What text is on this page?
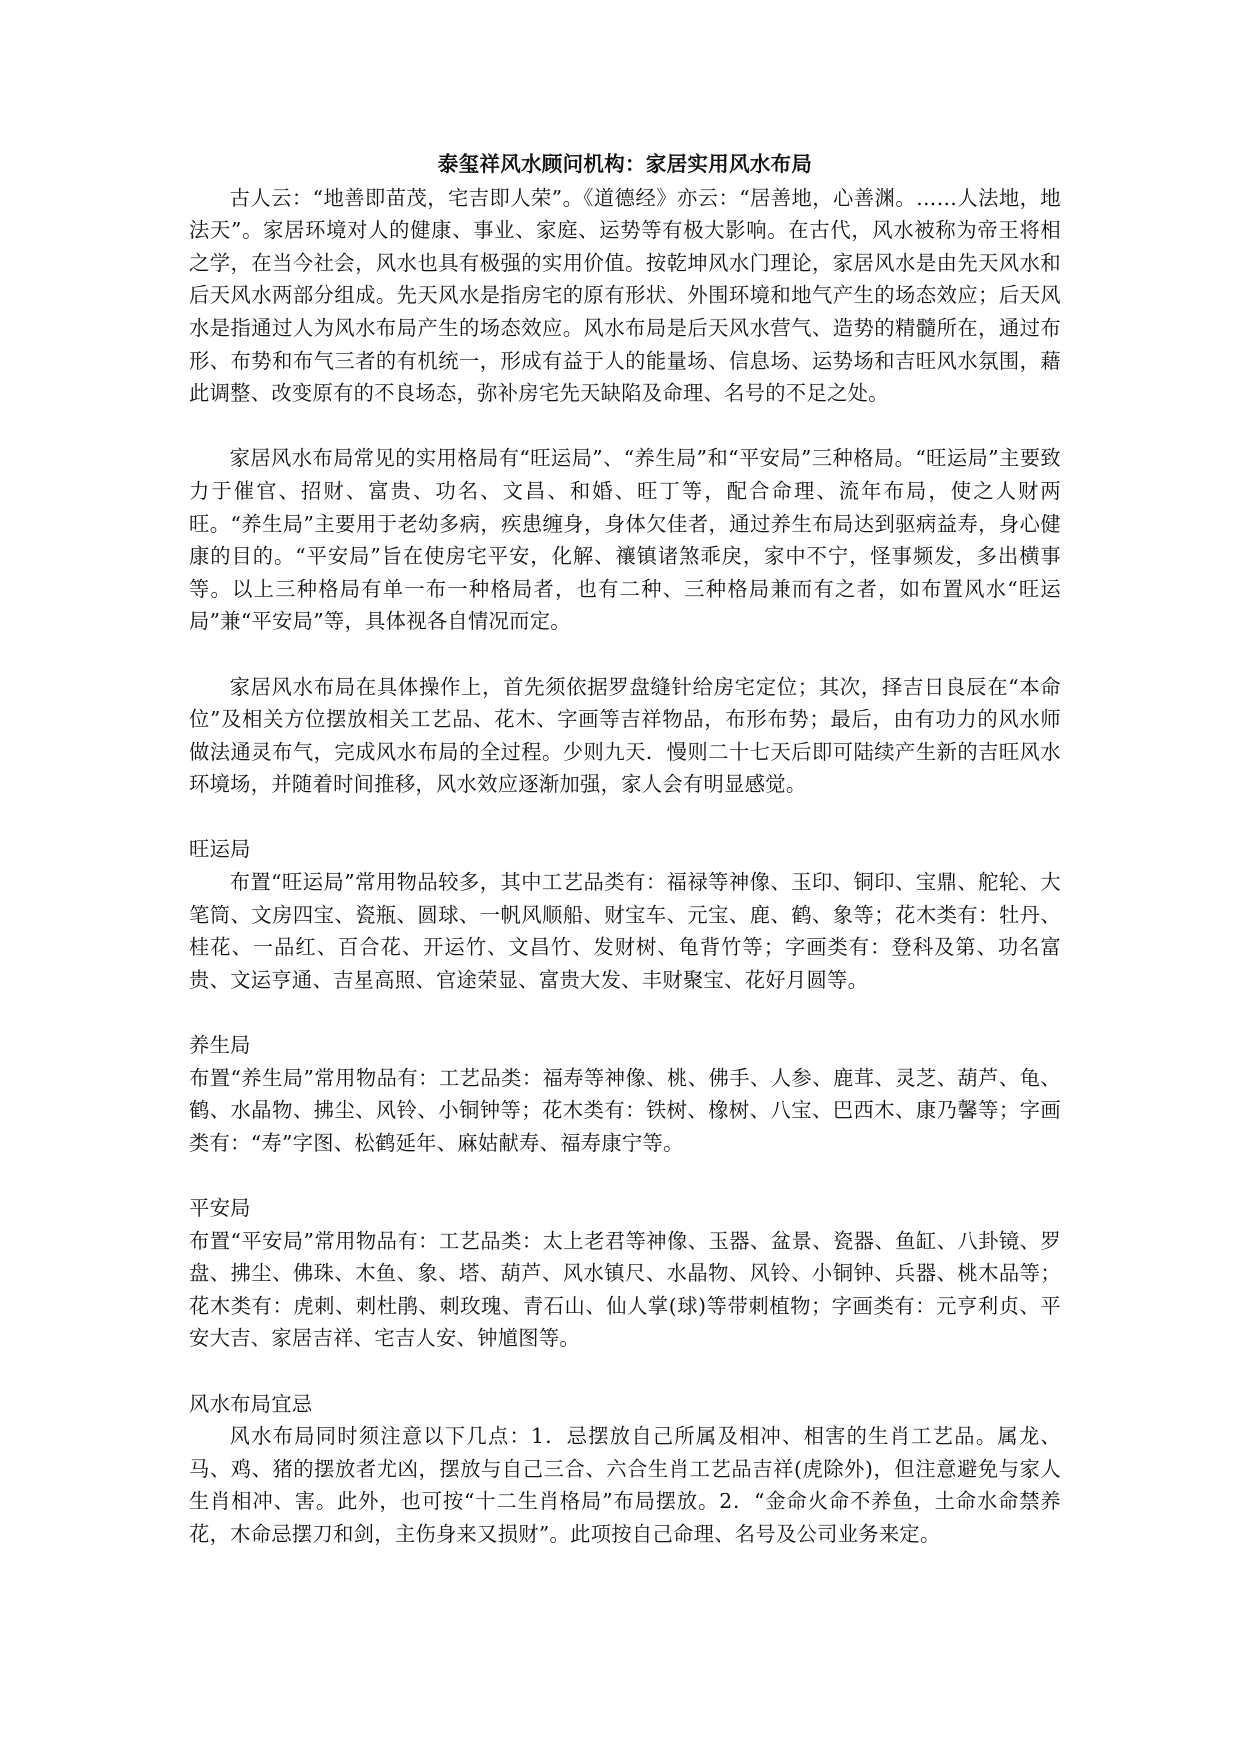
泰玺祥风水顾问机构：家居实用风水布局

古人云：“地善即苗茂，宅吉即人荣”。《道德经》亦云：“居善地，心善渊。……人法地，地法天”。家居环境对人的健康、事业、家庭、运势等有极大影响。在古代，风水被称为帝王将相之学，在当今社会，风水也具有极强的实用价值。按乾坤风水门理论，家居风水是由先天风水和后天风水两部分组成。先天风水是指房宅的原有形状、外围环境和地气产生的场态效应；后天风水是指通过人为风水布局产生的场态效应。风水布局是后天风水营气、造势的精髓所在，通过布形、布势和布气三者的有机统一，形成有益于人的能量场、信息场、运势场和吉旺风水氛围，藉此调整、改变原有的不良场态，弥补房宅先天缺陷及命理、名号的不足之处。

家居风水布局常见的实用格局有“旺运局”、“养生局”和“平安局”三种格局。“旺运局”主要致力于催官、招财、富贵、功名、文昌、和婚、旺丁等，配合命理、流年布局，使之人财两旺。“养生局”主要用于老幼多病，疾患缠身，身体欠佳者，通过养生布局达到驱病益寿，身心健康的目的。“平安局”旨在使房宅平安，化解、禳镇诸煞乖戾，家中不宁，怪事频发，多出横事等。以上三种格局有单一布一种格局者，也有二种、三种格局兼而有之者，如布置风水“旺运局”兼“平安局”等，具体视各自情况而定。

家居风水布局在具体操作上，首先须依据罗盘缝针给房宅定位；其次，择吉日良辰在“本命位”及相关方位摆放相关工艺品、花木、字画等吉祥物品，布形布势；最后，由有功力的风水师做法通灵布气，完成风水布局的全过程。少则九天．慢则二十七天后即可陆续产生新的吉旺风水环境场，并随着时间推移，风水效应逐渐加强，家人会有明显感觉。

旺运局

布置“旺运局”常用物品较多，其中工艺品类有：福禄等神像、玉印、铜印、宝鼎、舵轮、大笔筒、文房四宝、瓷瓶、圆球、一帆风顺船、财宝车、元宝、鹿、鹤、象等；花木类有：牡丹、桂花、一品红、百合花、开运竹、文昌竹、发财树、龟背竹等；字画类有：登科及第、功名富贵、文运亨通、吉星高照、官途荣显、富贵大发、丰财聚宝、花好月圆等。

养生局

布置“养生局”常用物品有：工艺品类：福寿等神像、桃、佛手、人参、鹿茸、灵芝、葫芦、龟、鹤、水晶物、拂尘、风铃、小铜钟等；花木类有：铁树、橡树、八宝、巴西木、康乃馨等；字画类有：“寿”字图、松鹤延年、麻姑献寿、福寿康宁等。

平安局

布置“平安局”常用物品有：工艺品类：太上老君等神像、玉器、盆景、瓷器、鱼缸、八卦镜、罗盘、拂尘、佛珠、木鱼、象、塔、葫芦、风水镇尺、水晶物、风铃、小铜钟、兵器、桃木品等；花木类有：虎刺、刺杜鹃、刺玫瑰、青石山、仙人掌(球)等带刺植物；字画类有：元亨利贞、平安大吉、家居吉祥、宅吉人安、钟馗图等。

风水布局宜忌

风水布局同时须注意以下几点：1．忌摆放自己所属及相冲、相害的生肖工艺品。属龙、马、鸡、猪的摆放者尤凶，摆放与自己三合、六合生肖工艺品吉祥(虎除外)，但注意避免与家人生肖相冲、害。此外，也可按“十二生肖格局”布局摆放。2．“金命火命不养鱼，土命水命禁养花，木命忌摆刀和剑，主伤身来又损财”。此项按自己命理、名号及公司业务来定。
